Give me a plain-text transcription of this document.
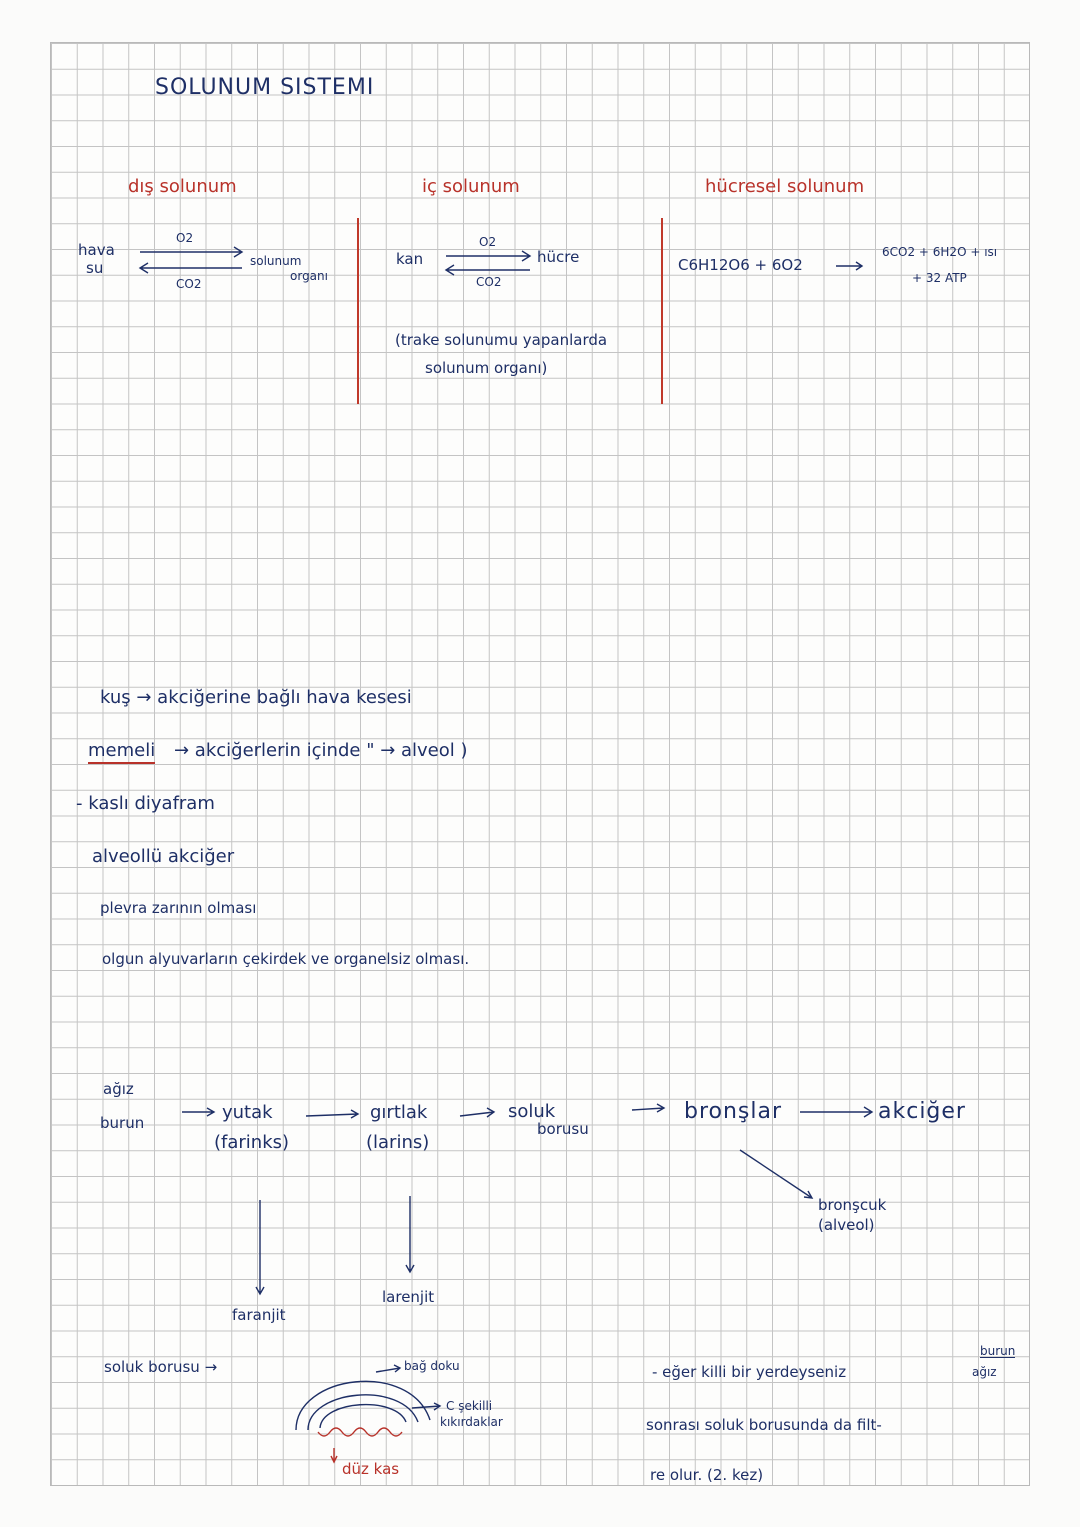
SOLUNUM SISTEMI
dış solunum	iç solunum	hücresel solunum
hava
su
O2
CO2
solunum
organı
kan
O2
CO2
hücre
(trake solunumu yapanlarda
solunum organı)
C6H12O6 + 6O2
6CO2 + 6H2O + ısı
+ 32 ATP
kuş → akciğerine bağlı hava kesesi
memeli → akciğerlerin içinde " → alveol )
- kaslı diyafram
alveollü akciğer
plevra zarının olması
olgun alyuvarların çekirdek ve organelsiz olması.
ağız
burun	yutak
(farinks)
gırtlak
(larins)
soluk
borusu
bronşlar	akciğer
bronşcuk
(alveol)
faranjit
larenjit
soluk borusu →	bağ doku
C şekilli
kıkırdaklar
düz kas
- eğer killi bir yerdeyseniz
burun
ağız
sonrası soluk borusunda da filt-
re olur. (2. kez)
